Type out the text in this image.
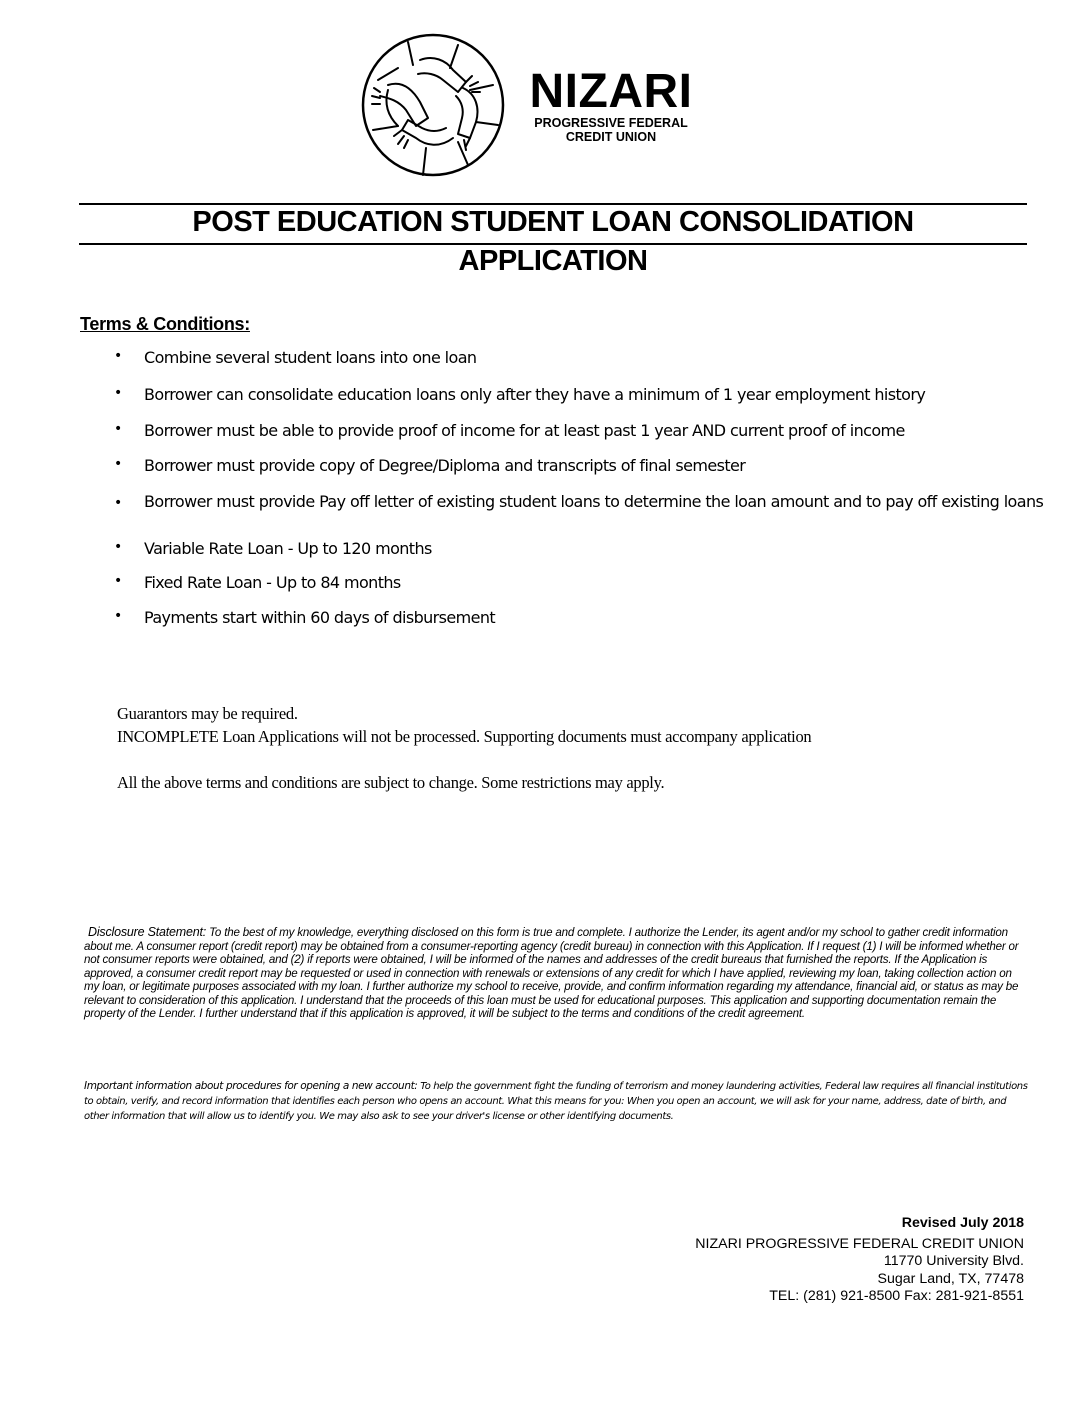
NIZARI
PROGRESSIVE FEDERAL
CREDIT UNION
POST EDUCATION STUDENT LOAN CONSOLIDATION
APPLICATION
Terms & Conditions:
• Combine several student loans into one loan
• Borrower can consolidate education loans only after they have a minimum of 1 year employment history
• Borrower must be able to provide proof of income for at least past 1 year AND current proof of income
• Borrower must provide copy of Degree/Diploma and transcripts of final semester
• Borrower must provide Pay off letter of existing student loans to determine the loan amount and to pay off existing loans
• Variable Rate Loan - Up to 120 months
• Fixed Rate Loan - Up to 84 months
• Payments start within 60 days of disbursement
Guarantors may be required.
INCOMPLETE Loan Applications will not be processed. Supporting documents must accompany application
All the above terms and conditions are subject to change. Some restrictions may apply.
Disclosure Statement: To the best of my knowledge, everything disclosed on this form is true and complete. I authorize the Lender, its agent and/or my school to gather credit information about me. A consumer report (credit report) may be obtained from a consumer-reporting agency (credit bureau) in connection with this Application. If I request (1) I will be informed whether or not consumer reports were obtained, and (2) if reports were obtained, I will be informed of the names and addresses of the credit bureaus that furnished the reports. If the Application is approved, a consumer credit report may be requested or used in connection with renewals or extensions of any credit for which I have applied, reviewing my loan, taking collection action on my loan, or legitimate purposes associated with my loan. I further authorize my school to receive, provide, and confirm information regarding my attendance, financial aid, or status as may be relevant to consideration of this application. I understand that the proceeds of this loan must be used for educational purposes. This application and supporting documentation remain the property of the Lender. I further understand that if this application is approved, it will be subject to the terms and conditions of the credit agreement.
Important information about procedures for opening a new account: To help the government fight the funding of terrorism and money laundering activities, Federal law requires all financial institutions to obtain, verify, and record information that identifies each person who opens an account. What this means for you: When you open an account, we will ask for your name, address, date of birth, and other information that will allow us to identify you. We may also ask to see your driver's license or other identifying documents.
Revised July 2018
NIZARI PROGRESSIVE FEDERAL CREDIT UNION
11770 University Blvd.
Sugar Land, TX, 77478
TEL: (281) 921-8500 Fax: 281-921-8551
